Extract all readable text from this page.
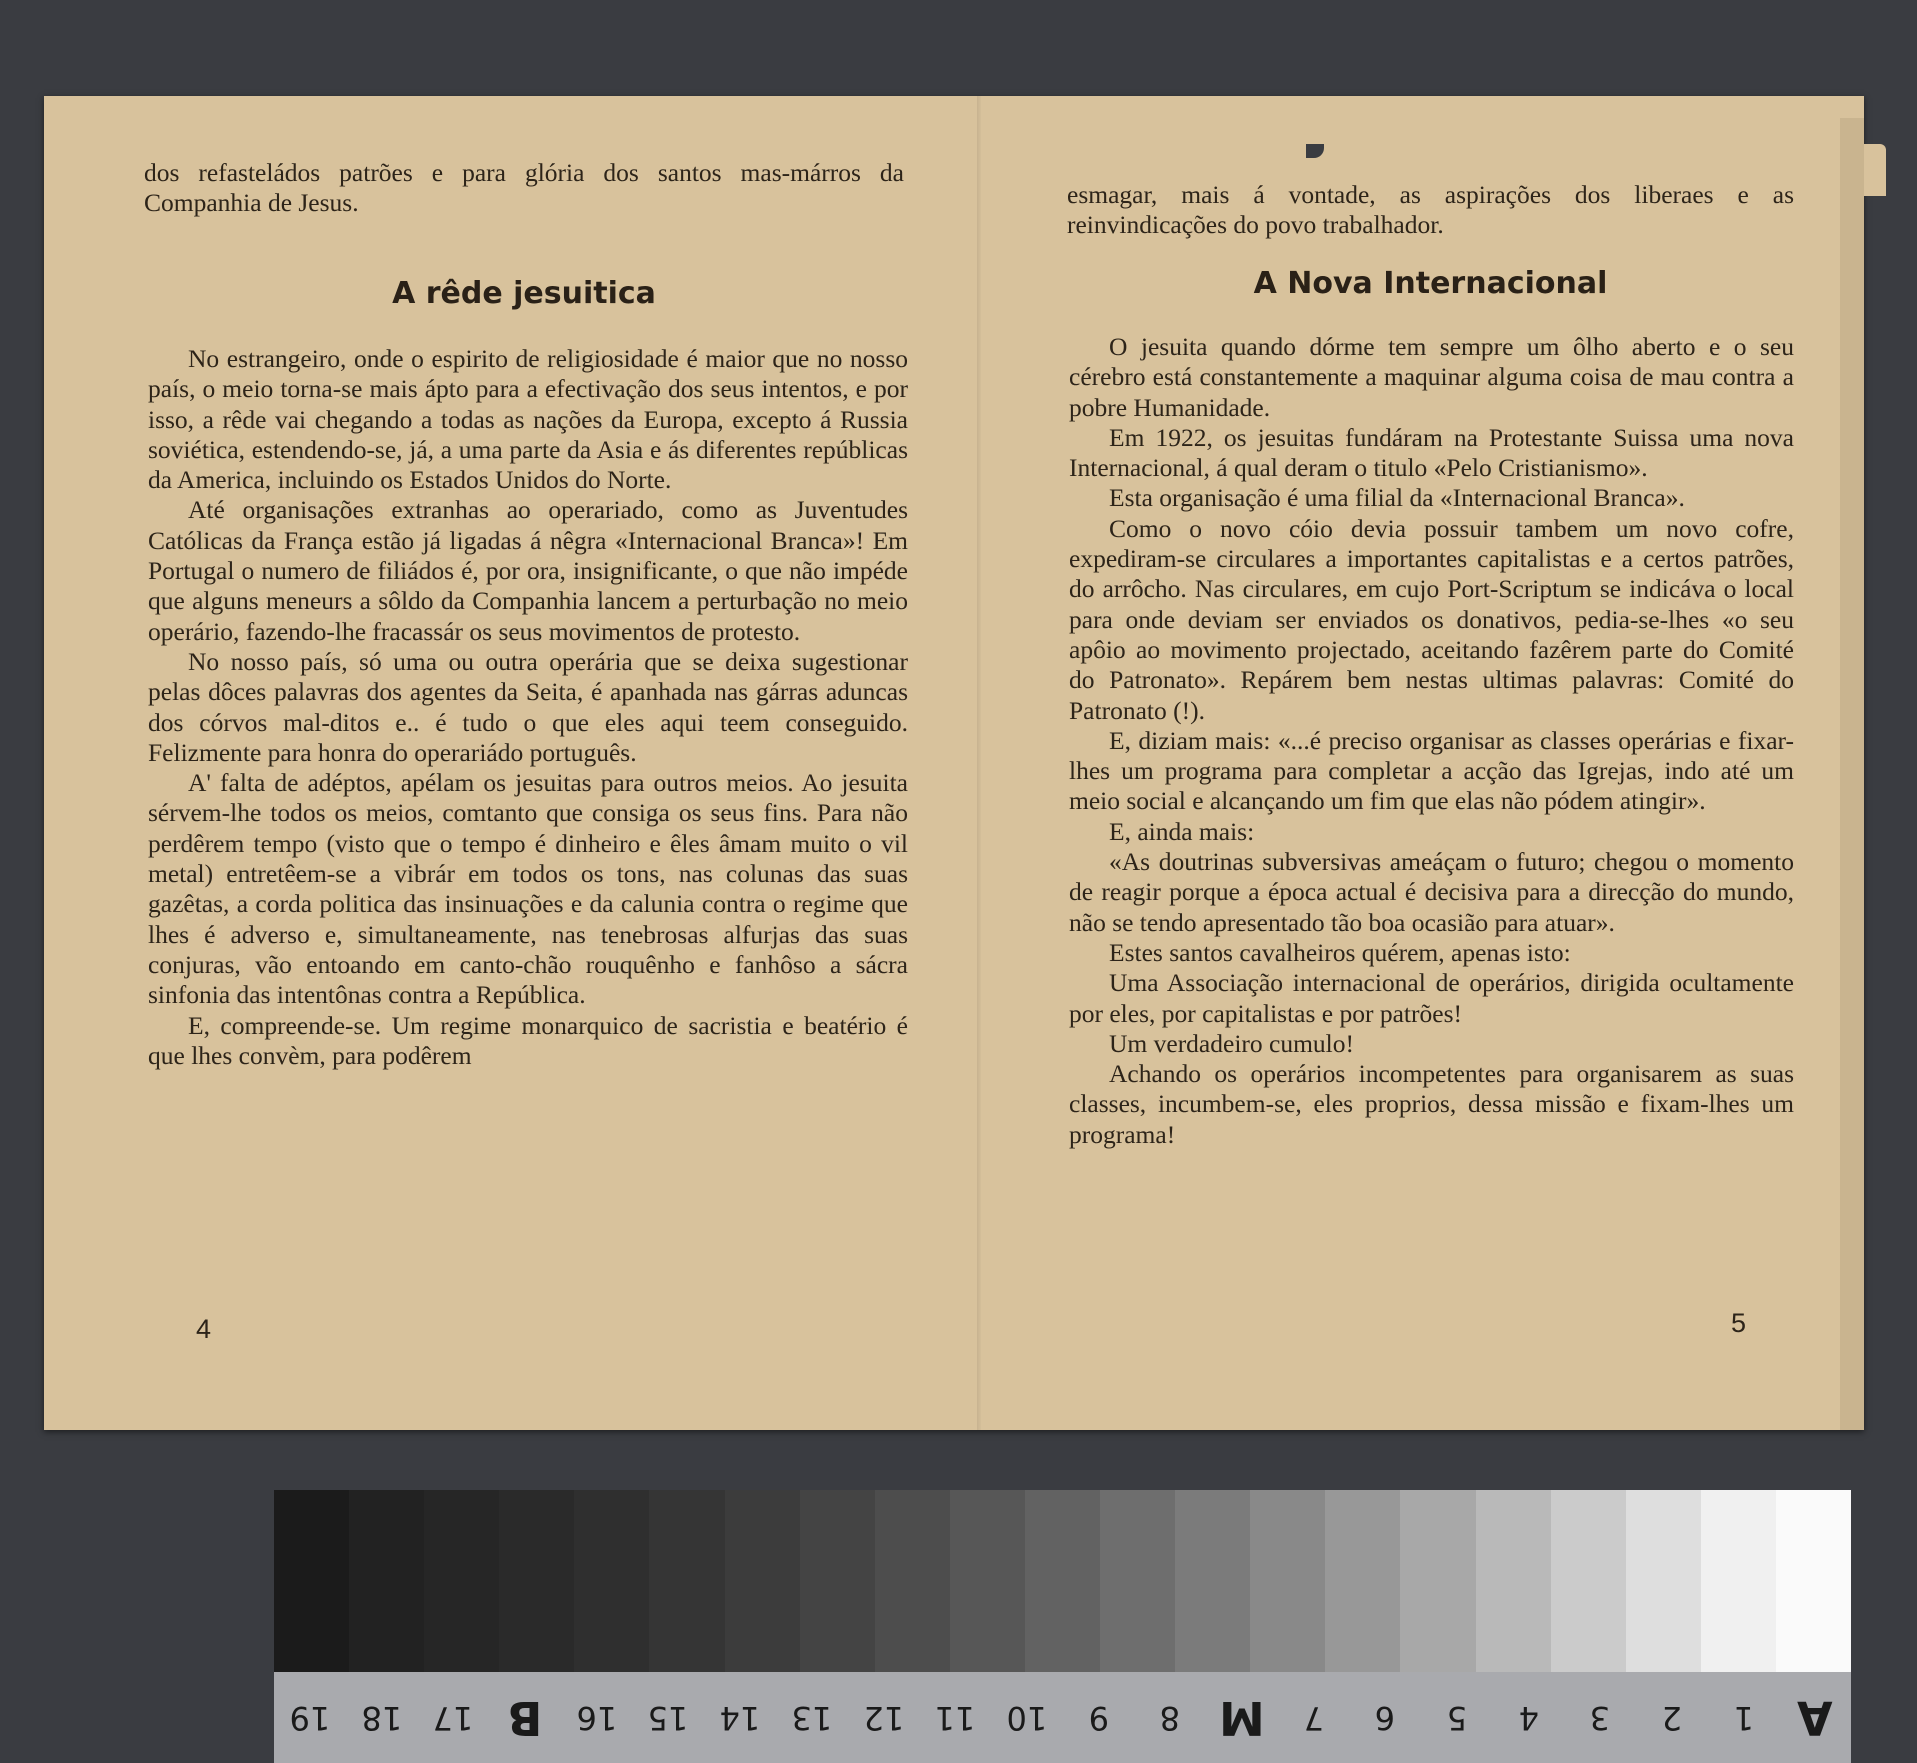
dos refasteládos patrões e para glória dos santos mas-márros da Companhia de Jesus.

A rêde jesuitica

No estrangeiro, onde o espirito de religiosidade é maior que no nosso país, o meio torna-se mais ápto para a efectivação dos seus intentos, e por isso, a rêde vai chegando a todas as nações da Europa, excepto á Russia soviética, estendendo-se, já, a uma parte da Asia e ás diferentes repúblicas da America, incluindo os Estados Unidos do Norte.

Até organisações extranhas ao operariado, como as Juventudes Católicas da França estão já ligadas á nêgra «Internacional Branca»! Em Portugal o numero de filiádos é, por ora, insignificante, o que não impéde que alguns meneurs a sôldo da Companhia lancem a perturbação no meio operário, fazendo-lhe fracassár os seus movimentos de protesto.

No nosso país, só uma ou outra operária que se deixa sugestionar pelas dôces palavras dos agentes da Seita, é apanhada nas gárras aduncas dos córvos mal-ditos e.. é tudo o que eles aqui teem conseguido. Felizmente para honra do operariádo português.

A' falta de adéptos, apélam os jesuitas para outros meios. Ao jesuita sérvem-lhe todos os meios, comtanto que consiga os seus fins. Para não perdêrem tempo (visto que o tempo é dinheiro e êles âmam muito o vil metal) entretêem-se a vibrár em todos os tons, nas colunas das suas gazêtas, a corda politica das insinuações e da calunia contra o regime que lhes é adverso e, simultaneamente, nas tenebrosas alfurjas das suas conjuras, vão entoando em canto-chão rouquênho e fanhôso a sácra sinfonia das intentônas contra a República.

E, compreende-se. Um regime monarquico de sacristia e beatério é que lhes convèm, para podêrem

4

esmagar, mais á vontade, as aspirações dos liberaes e as reinvindicações do povo trabalhador.

A Nova Internacional

O jesuita quando dórme tem sempre um ôlho aberto e o seu cérebro está constantemente a maquinar alguma coisa de mau contra a pobre Humanidade.

Em 1922, os jesuitas fundáram na Protestante Suissa uma nova Internacional, á qual deram o titulo «Pelo Cristianismo».

Esta organisação é uma filial da «Internacional Branca».

Como o novo cóio devia possuir tambem um novo cofre, expediram-se circulares a importantes capitalistas e a certos patrões, do arrôcho. Nas circulares, em cujo Port-Scriptum se indicáva o local para onde deviam ser enviados os donativos, pedia-se-lhes «o seu apôio ao movimento projectado, aceitando fazêrem parte do Comité do Patronato». Repárem bem nestas ultimas palavras: Comité do Patronato (!).

E, diziam mais: «...é preciso organisar as classes operárias e fixar-lhes um programa para completar a acção das Igrejas, indo até um meio social e alcançando um fim que elas não pódem atingir».

E, ainda mais:

«As doutrinas subversivas ameáçam o futuro; chegou o momento de reagir porque a época actual é decisiva para a direcção do mundo, não se tendo apresentado tão boa ocasião para atuar».

Estes santos cavalheiros quérem, apenas isto:

Uma Associação internacional de operários, dirigida ocultamente por eles, por capitalistas e por patrões!

Um verdadeiro cumulo!

Achando os operários incompetentes para organisarem as suas classes, incumbem-se, eles proprios, dessa missão e fixam-lhes um programa!

5
19 18 17 B	16 15 14 13 12 11 10	9	8 M	7	6	5	4	3	2	1 A
